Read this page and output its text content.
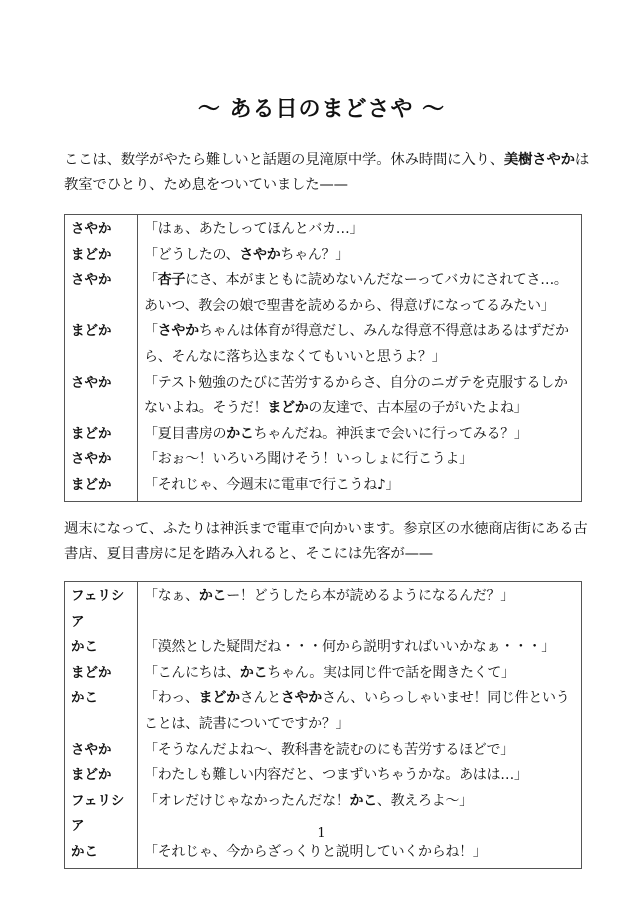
〜 ある日のまどさや 〜

ここは、数学がやたら難しいと話題の見滝原中学。休み時間に入り、美樹さやかは教室でひとり、ため息をついていました——

さやか	「はぁ、あたしってほんとバカ…」
まどか	「どうしたの、さやかちゃん？」
さやか	「杏子にさ、本がまともに読めないんだなーってバカにされてさ…。あいつ、教会の娘で聖書を読めるから、得意げになってるみたい」
まどか	「さやかちゃんは体育が得意だし、みんな得意不得意はあるはずだから、そんなに落ち込まなくてもいいと思うよ？」
さやか	「テスト勉強のたびに苦労するからさ、自分のニガテを克服するしかないよね。そうだ！まどかの友達で、古本屋の子がいたよね」
まどか	「夏目書房のかこちゃんだね。神浜まで会いに行ってみる？」
さやか	「おぉ〜！いろいろ聞けそう！いっしょに行こうよ」
まどか	「それじゃ、今週末に電車で行こうね♪」

週末になって、ふたりは神浜まで電車で向かいます。参京区の水徳商店街にある古書店、夏目書房に足を踏み入れると、そこには先客が——

フェリシア	「なぁ、かこー！どうしたら本が読めるようになるんだ？」
かこ	「漠然とした疑問だね・・・何から説明すればいいかなぁ・・・」
まどか	「こんにちは、かこちゃん。実は同じ件で話を聞きたくて」
かこ	「わっ、まどかさんとさやかさん、いらっしゃいませ！同じ件ということは、読書についてですか？」
さやか	「そうなんだよね〜、教科書を読むのにも苦労するほどで」
まどか	「わたしも難しい内容だと、つまずいちゃうかな。あはは…」
フェリシア	「オレだけじゃなかったんだな！かこ、教えろよ〜」
かこ	「それじゃ、今からざっくりと説明していくからね！」
1
